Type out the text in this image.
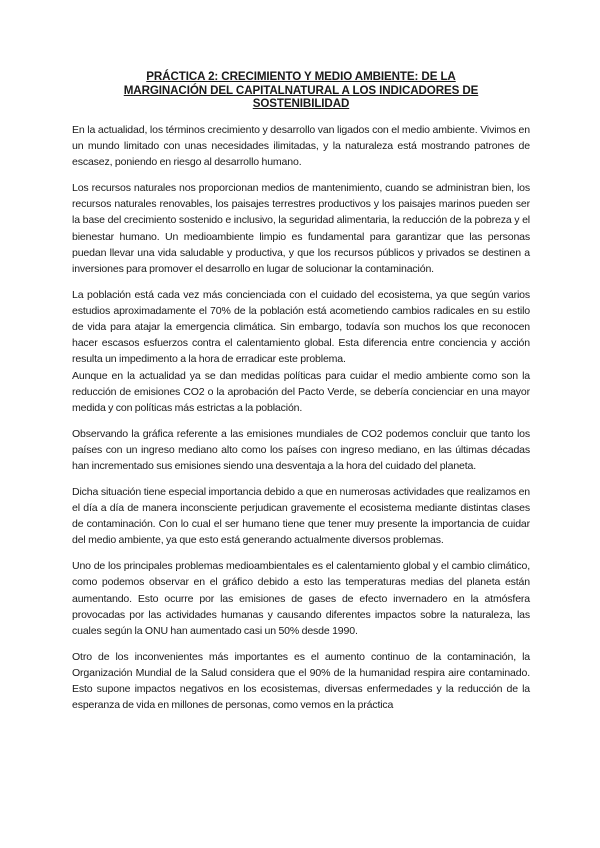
PRÁCTICA 2: CRECIMIENTO Y MEDIO AMBIENTE: DE LA
MARGINACIÓN DEL CAPITALNATURAL A LOS INDICADORES DE
SOSTENIBILIDAD

En la actualidad, los términos crecimiento y desarrollo van ligados con el medio ambiente. Vivimos en un mundo limitado con unas necesidades ilimitadas, y la naturaleza está mostrando patrones de escasez, poniendo en riesgo al desarrollo humano.

Los recursos naturales nos proporcionan medios de mantenimiento, cuando se administran bien, los recursos naturales renovables, los paisajes terrestres productivos y los paisajes marinos pueden ser la base del crecimiento sostenido e inclusivo, la seguridad alimentaria, la reducción de la pobreza y el bienestar humano. Un medioambiente limpio es fundamental para garantizar que las personas puedan llevar una vida saludable y productiva, y que los recursos públicos y privados se destinen a inversiones para promover el desarrollo en lugar de solucionar la contaminación.

La población está cada vez más concienciada con el cuidado del ecosistema, ya que según varios estudios aproximadamente el 70% de la población está acometiendo cambios radicales en su estilo de vida para atajar la emergencia climática. Sin embargo, todavía son muchos los que reconocen hacer escasos esfuerzos contra el calentamiento global. Esta diferencia entre conciencia y acción resulta un impedimento a la hora de erradicar este problema.

Aunque en la actualidad ya se dan medidas políticas para cuidar el medio ambiente como son la reducción de emisiones CO2 o la aprobación del Pacto Verde, se debería concienciar en una mayor medida y con políticas más estrictas a la población.

Observando la gráfica referente a las emisiones mundiales de CO2 podemos concluir que tanto los países con un ingreso mediano alto como los países con ingreso mediano, en las últimas décadas han incrementado sus emisiones siendo una desventaja a la hora del cuidado del planeta.

Dicha situación tiene especial importancia debido a que en numerosas actividades que realizamos en el día a día de manera inconsciente perjudican gravemente el ecosistema mediante distintas clases de contaminación. Con lo cual el ser humano tiene que tener muy presente la importancia de cuidar del medio ambiente, ya que esto está generando actualmente diversos problemas.

Uno de los principales problemas medioambientales es el calentamiento global y el cambio climático, como podemos observar en el gráfico debido a esto las temperaturas medias del planeta están aumentando. Esto ocurre por las emisiones de gases de efecto invernadero en la atmósfera provocadas por las actividades humanas y causando diferentes impactos sobre la naturaleza, las cuales según la ONU han aumentado casi un 50% desde 1990.

Otro de los inconvenientes más importantes es el aumento continuo de la contaminación, la Organización Mundial de la Salud considera que el 90% de la humanidad respira aire contaminado. Esto supone impactos negativos en los ecosistemas, diversas enfermedades y la reducción de la esperanza de vida en millones de personas, como vemos en la práctica
